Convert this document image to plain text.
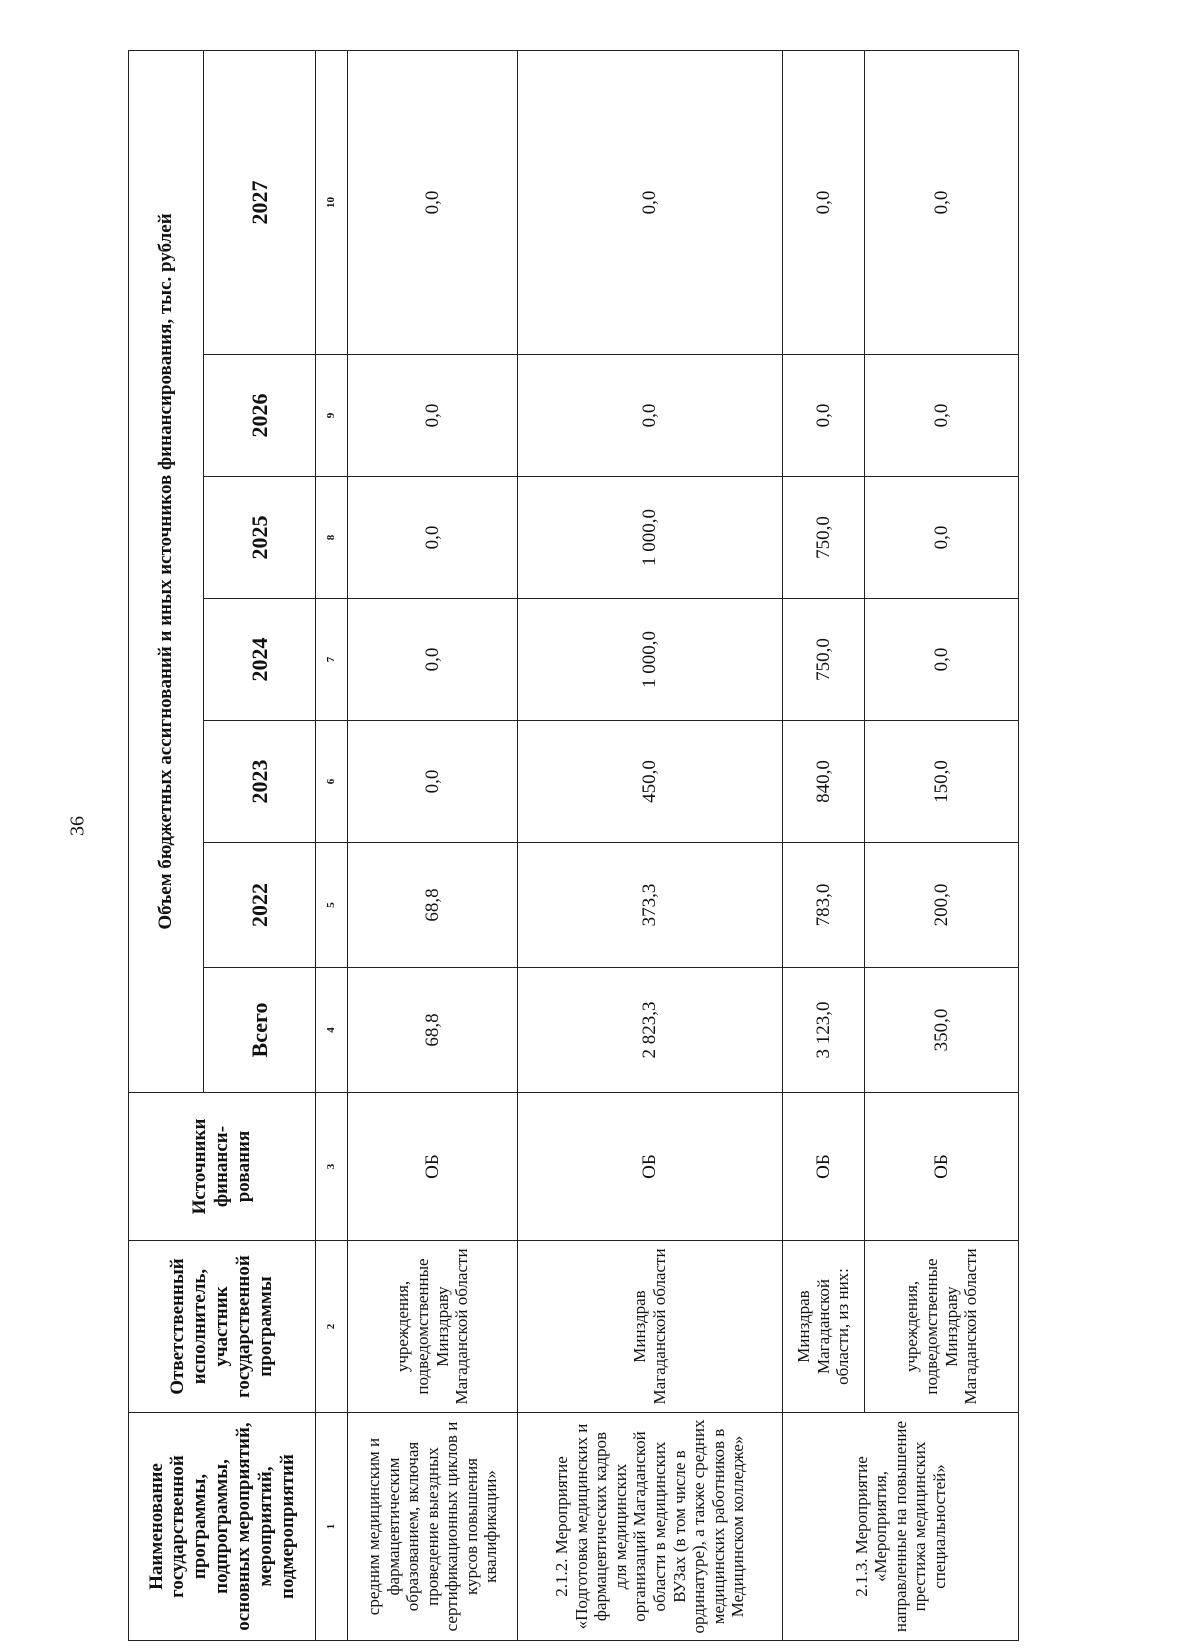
36
Наименование государственной программы, подпрограммы, основных мероприятий, мероприятий, подмероприятий	Ответственный исполнитель, участник государственной программы	Источники финанси-рования	Объем бюджетных ассигнований и иных источников финансирования, тыс. рублей						
			Всего	2022	2023	2024	2025	2026	2027
1	2	3	4	5	6	7	8	9	10
средним медицинским и фармацевтическим образованием, включая проведение выездных сертификационных циклов и курсов повышения квалификации»	учреждения, подведомственные Минздраву Магаданской области	ОБ	68,8	68,8	0,0	0,0	0,0	0,0	0,0
2.1.2. Мероприятие «Подготовка медицинских и фармацевтических кадров для медицинских организаций Магаданской области в медицинских ВУЗах (в том числе в ординатуре), а также средних медицинских работников в Медицинском колледже»	Минздрав Магаданской области	ОБ	2 823,3	373,3	450,0	1 000,0	1 000,0	0,0	0,0
2.1.3. Мероприятие «Мероприятия, направленные на повышение престижа медицинских специальностей»	Минздрав Магаданской области, из них:	ОБ	3 123,0	783,0	840,0	750,0	750,0	0,0	0,0
	учреждения, подведомственные Минздраву Магаданской области	ОБ	350,0	200,0	150,0	0,0	0,0	0,0	0,0
